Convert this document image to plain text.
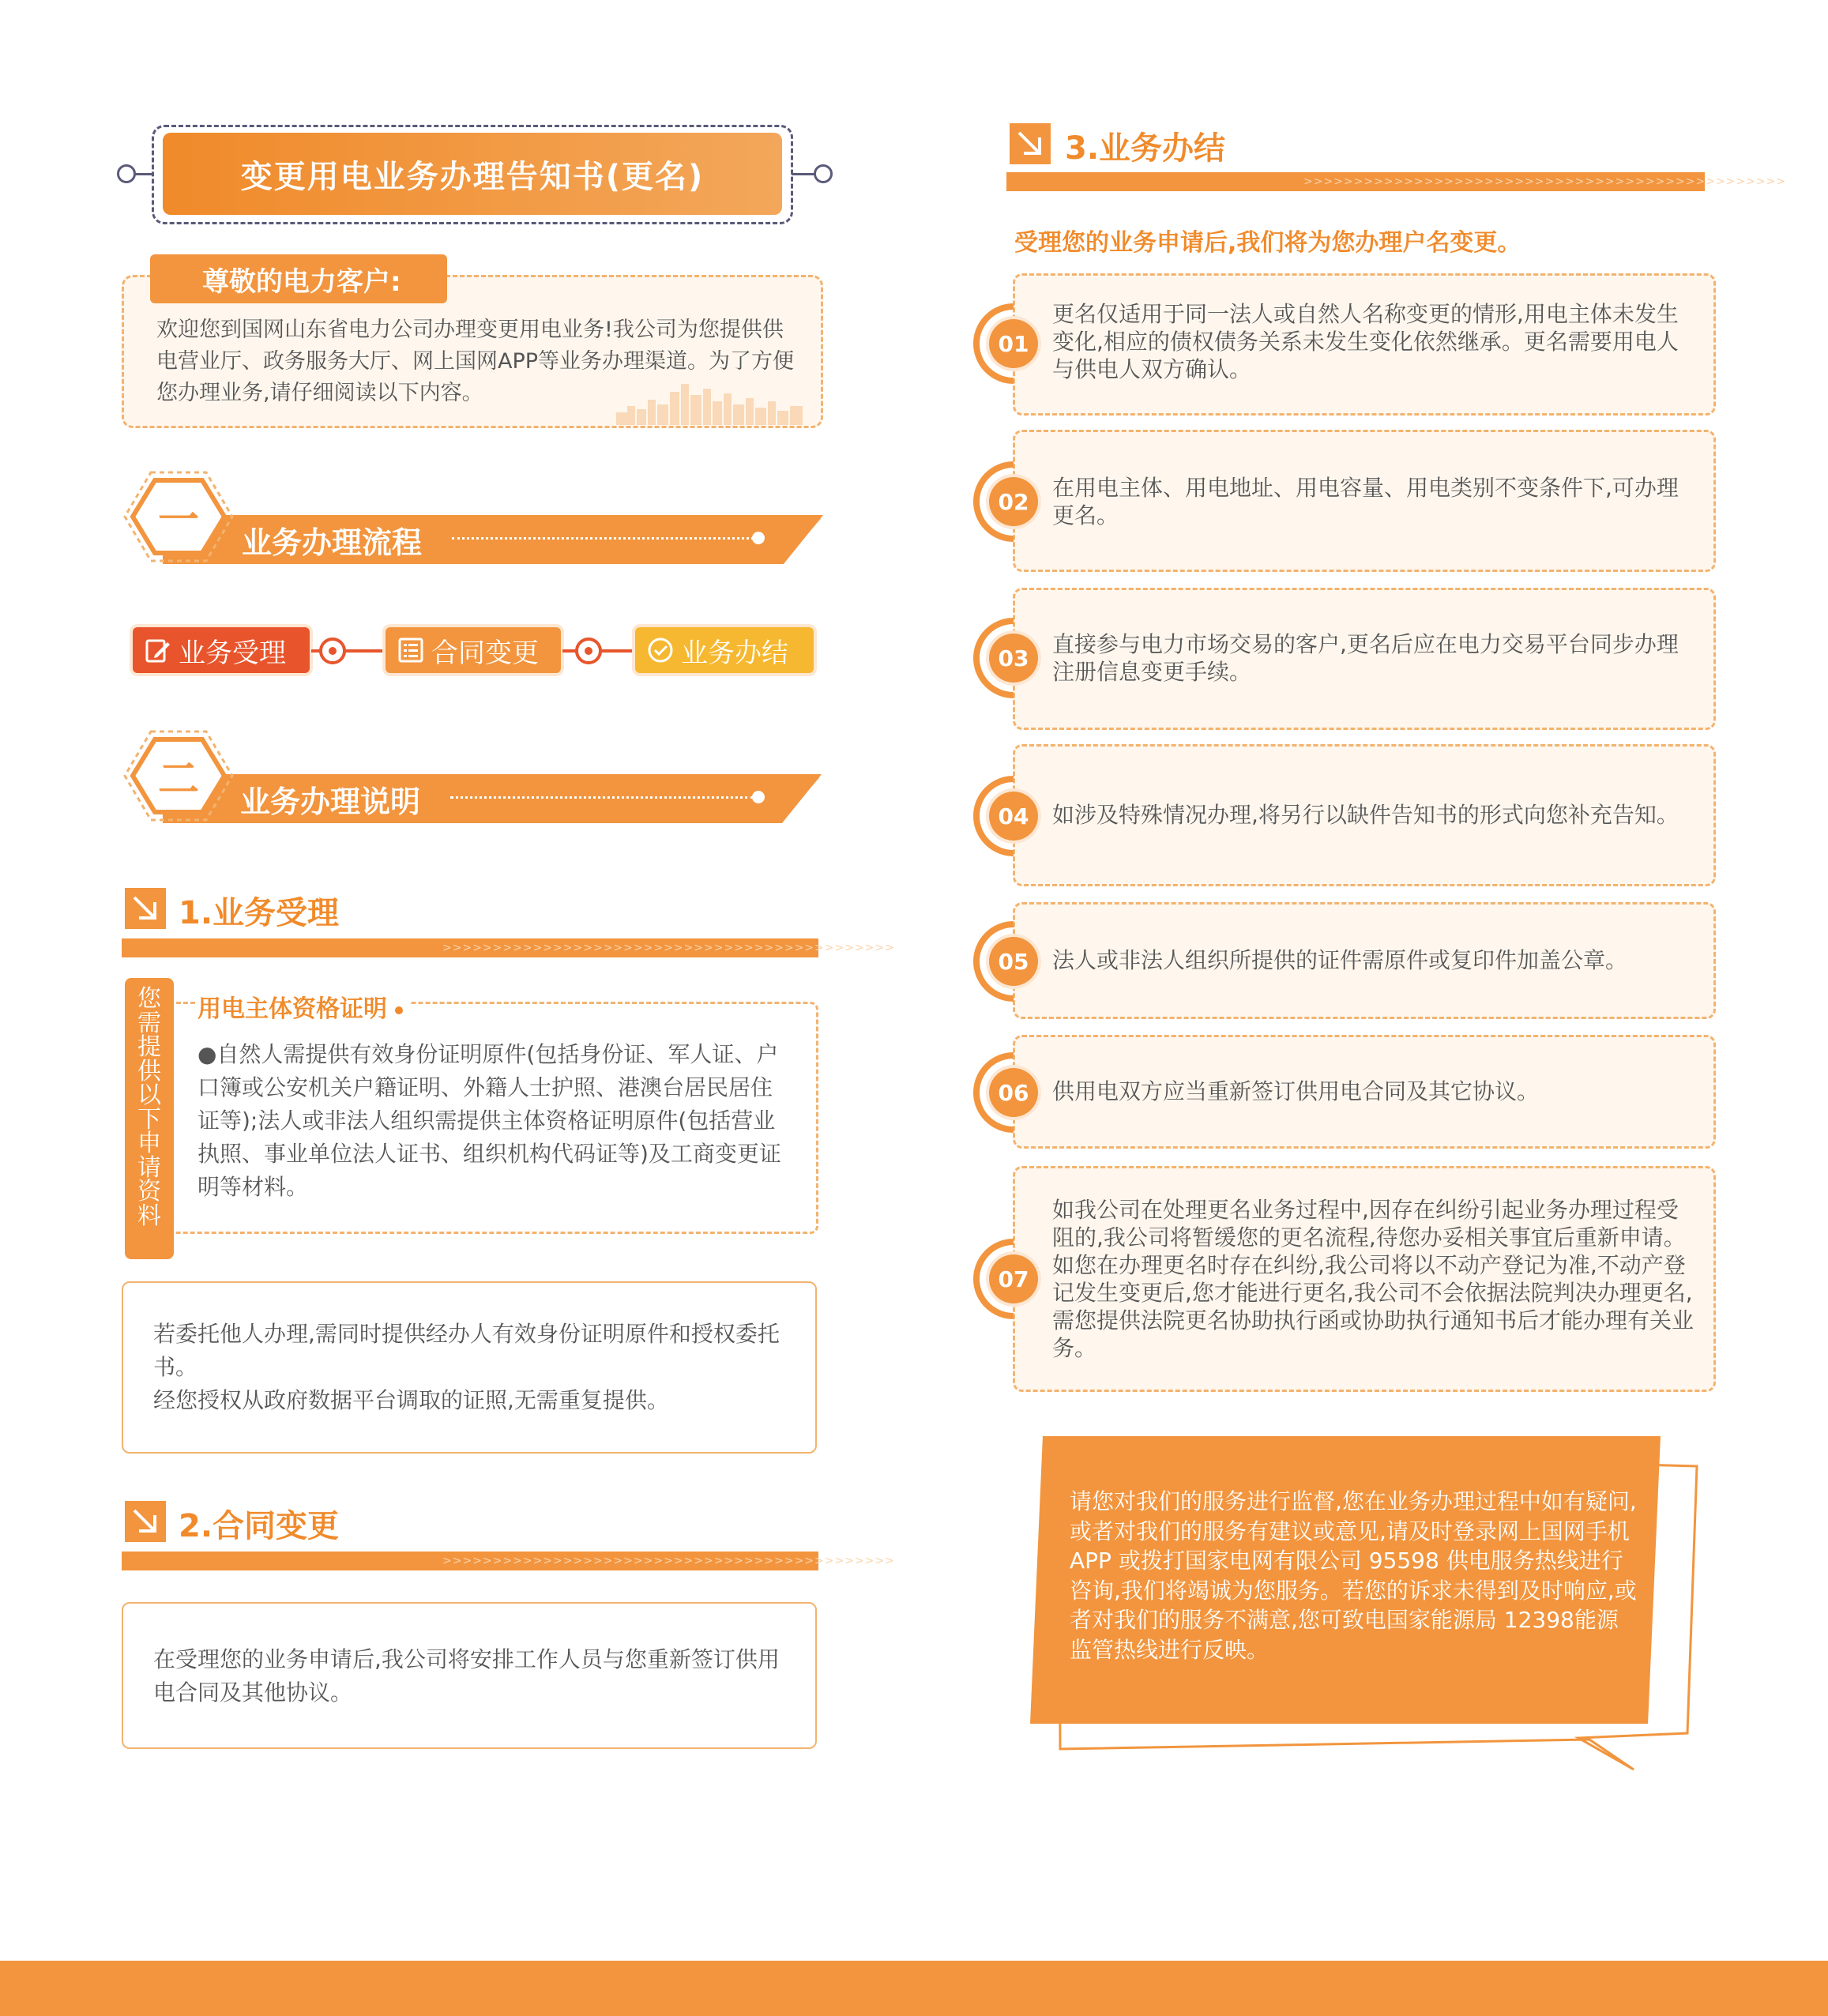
变更用电业务办理告知书(更名)
尊敬的电力客户:
欢迎您到国网山东省电力公司办理变更用电业务!我公司为您提供供电营业厅、政务服务大厅、网上国网APP等业务办理渠道。为了方便您办理业务,请仔细阅读以下内容。
一	业务办理流程
业务受理	合同变更	业务办结
二	业务办理说明
1.业务受理
>>>>>>>>>>>>>>>>>>>>>>>>>>>>>>>>>>>>>>>>>>>>>
您需提供以下申请资料
用电主体资格证明
●自然人需提供有效身份证明原件(包括身份证、军人证、户口簿或公安机关户籍证明、外籍人士护照、港澳台居民居住证等);法人或非法人组织需提供主体资格证明原件(包括营业执照、事业单位法人证书、组织机构代码证等)及工商变更证明等材料。
若委托他人办理,需同时提供经办人有效身份证明原件和授权委托书。
经您授权从政府数据平台调取的证照,无需重复提供。
2.合同变更
>>>>>>>>>>>>>>>>>>>>>>>>>>>>>>>>>>>>>>>>>>>>>
在受理您的业务申请后,我公司将安排工作人员与您重新签订供用电合同及其他协议。
3.业务办结
>>>>>>>>>>>>>>>>>>>>>>>>>>>>>>>>>>>>>>>>>>>>>>>>
受理您的业务申请后,我们将为您办理户名变更。
01
更名仅适用于同一法人或自然人名称变更的情形,用电主体未发生变化,相应的债权债务关系未发生变化依然继承。更名需要用电人与供电人双方确认。
02
在用电主体、用电地址、用电容量、用电类别不变条件下,可办理更名。
03
直接参与电力市场交易的客户,更名后应在电力交易平台同步办理注册信息变更手续。
04	如涉及特殊情况办理,将另行以缺件告知书的形式向您补充告知。
05	法人或非法人组织所提供的证件需原件或复印件加盖公章。
06	供用电双方应当重新签订供用电合同及其它协议。
07
如我公司在处理更名业务过程中,因存在纠纷引起业务办理过程受阻的,我公司将暂缓您的更名流程,待您办妥相关事宜后重新申请。如您在办理更名时存在纠纷,我公司将以不动产登记为准,不动产登记发生变更后,您才能进行更名,我公司不会依据法院判决办理更名,需您提供法院更名协助执行函或协助执行通知书后才能办理有关业务。
请您对我们的服务进行监督,您在业务办理过程中如有疑问,或者对我们的服务有建议或意见,请及时登录网上国网手机 APP 或拨打国家电网有限公司 95598 供电服务热线进行咨询,我们将竭诚为您服务。若您的诉求未得到及时响应,或者对我们的服务不满意,您可致电国家能源局 12398能源监管热线进行反映。
